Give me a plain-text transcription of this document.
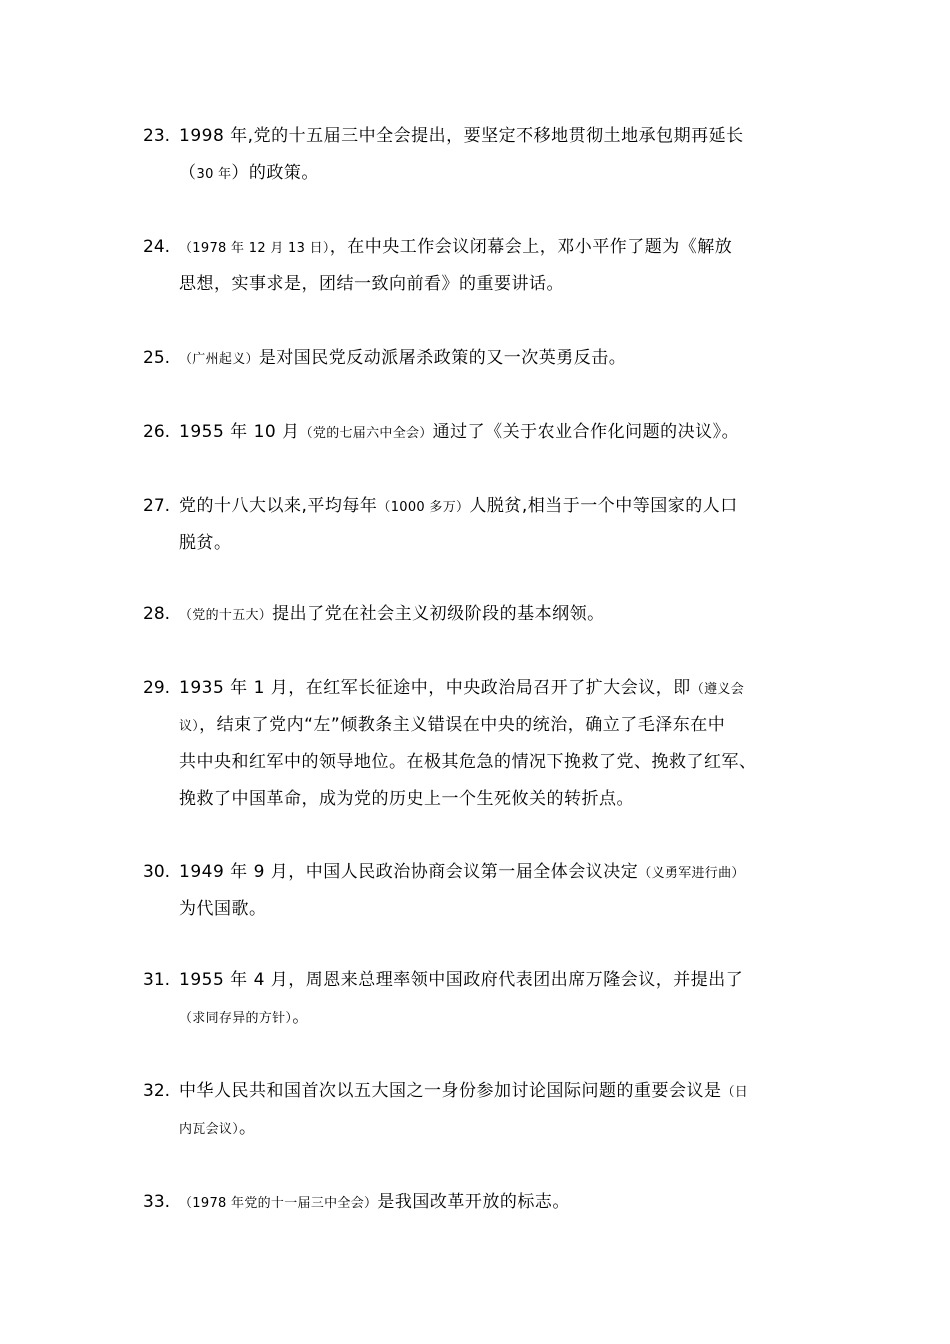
23. 1998 年,党的十五届三中全会提出，要坚定不移地贯彻土地承包期再延长
（30 年）的政策。
24. （1978 年 12 月 13 日），在中央工作会议闭幕会上，邓小平作了题为《解放
思想，实事求是，团结一致向前看》的重要讲话。
25. （广州起义）是对国民党反动派屠杀政策的又一次英勇反击。
26. 1955 年 10 月（党的七届六中全会）通过了《关于农业合作化问题的决议》。
27. 党的十八大以来,平均每年（1000 多万）人脱贫,相当于一个中等国家的人口
脱贫。
28. （党的十五大）提出了党在社会主义初级阶段的基本纲领。
29. 1935 年 1 月，在红军长征途中，中央政治局召开了扩大会议，即（遵义会
议），结束了党内“左”倾教条主义错误在中央的统治，确立了毛泽东在中
共中央和红军中的领导地位。在极其危急的情况下挽救了党、挽救了红军、
挽救了中国革命，成为党的历史上一个生死攸关的转折点。
30. 1949 年 9 月，中国人民政治协商会议第一届全体会议决定（义勇军进行曲）
为代国歌。
31. 1955 年 4 月，周恩来总理率领中国政府代表团出席万隆会议，并提出了
（求同存异的方针）。
32. 中华人民共和国首次以五大国之一身份参加讨论国际问题的重要会议是（日
内瓦会议）。
33. （1978 年党的十一届三中全会）是我国改革开放的标志。
